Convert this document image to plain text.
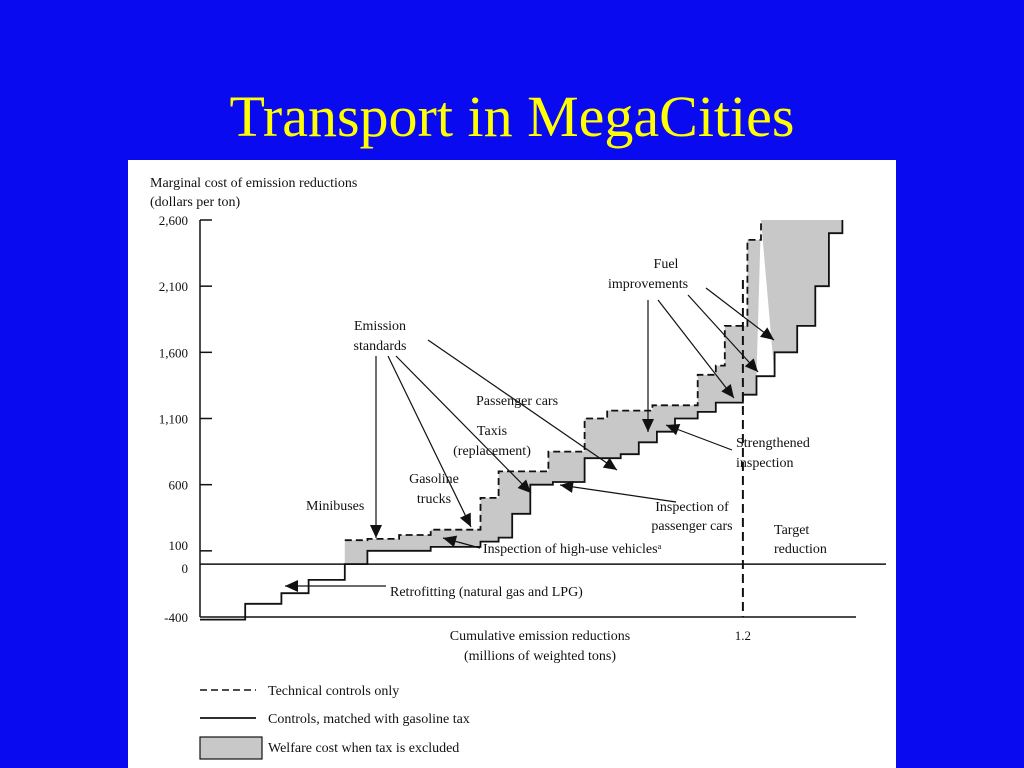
Transport in MegaCities
-400
0
100
600
1,100
1,600
2,100
2,600
1.2
Marginal cost of emission reductions
(dollars per ton)
Cumulative emission reductions
(millions of weighted tons)
Fuel
improvements
Emission
standards
Passenger cars
Taxis
(replacement)
Gasoline
trucks
Minibuses
Strengthened
inspection
Inspection of
passenger cars
Inspection of high-use vehiclesᵃ
Retrofitting (natural gas and LPG)
Target
reduction
Technical controls only
Controls, matched with gasoline tax
Welfare cost when tax is excluded
